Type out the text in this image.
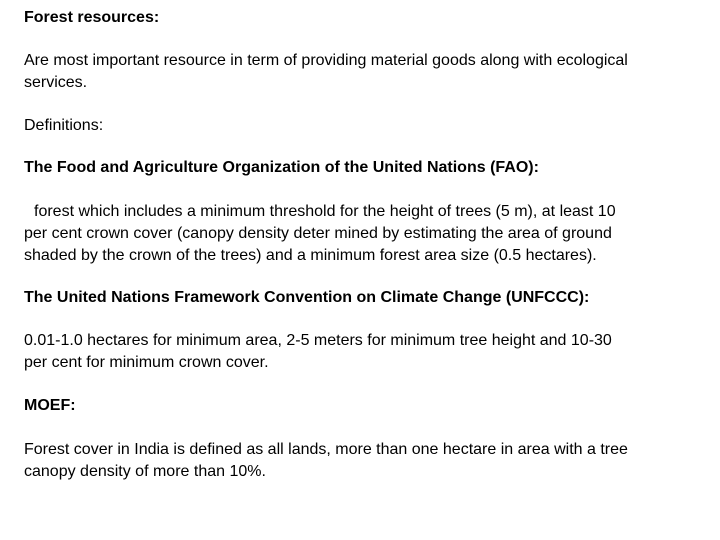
Forest resources:

Are most important resource in term of providing material goods along with ecological
services.

Definitions:

The Food and Agriculture Organization of the United Nations (FAO):

forest which includes a minimum threshold for the height of trees (5 m), at least 10
per cent crown cover (canopy density deter mined by estimating the area of ground
shaded by the crown of the trees) and a minimum forest area size (0.5 hectares).

The United Nations Framework Convention on Climate Change (UNFCCC):

0.01-1.0 hectares for minimum area, 2-5 meters for minimum tree height and 10-30
per cent for minimum crown cover.

MOEF:

Forest cover in India is defined as all lands, more than one hectare in area with a tree
canopy density of more than 10%.
